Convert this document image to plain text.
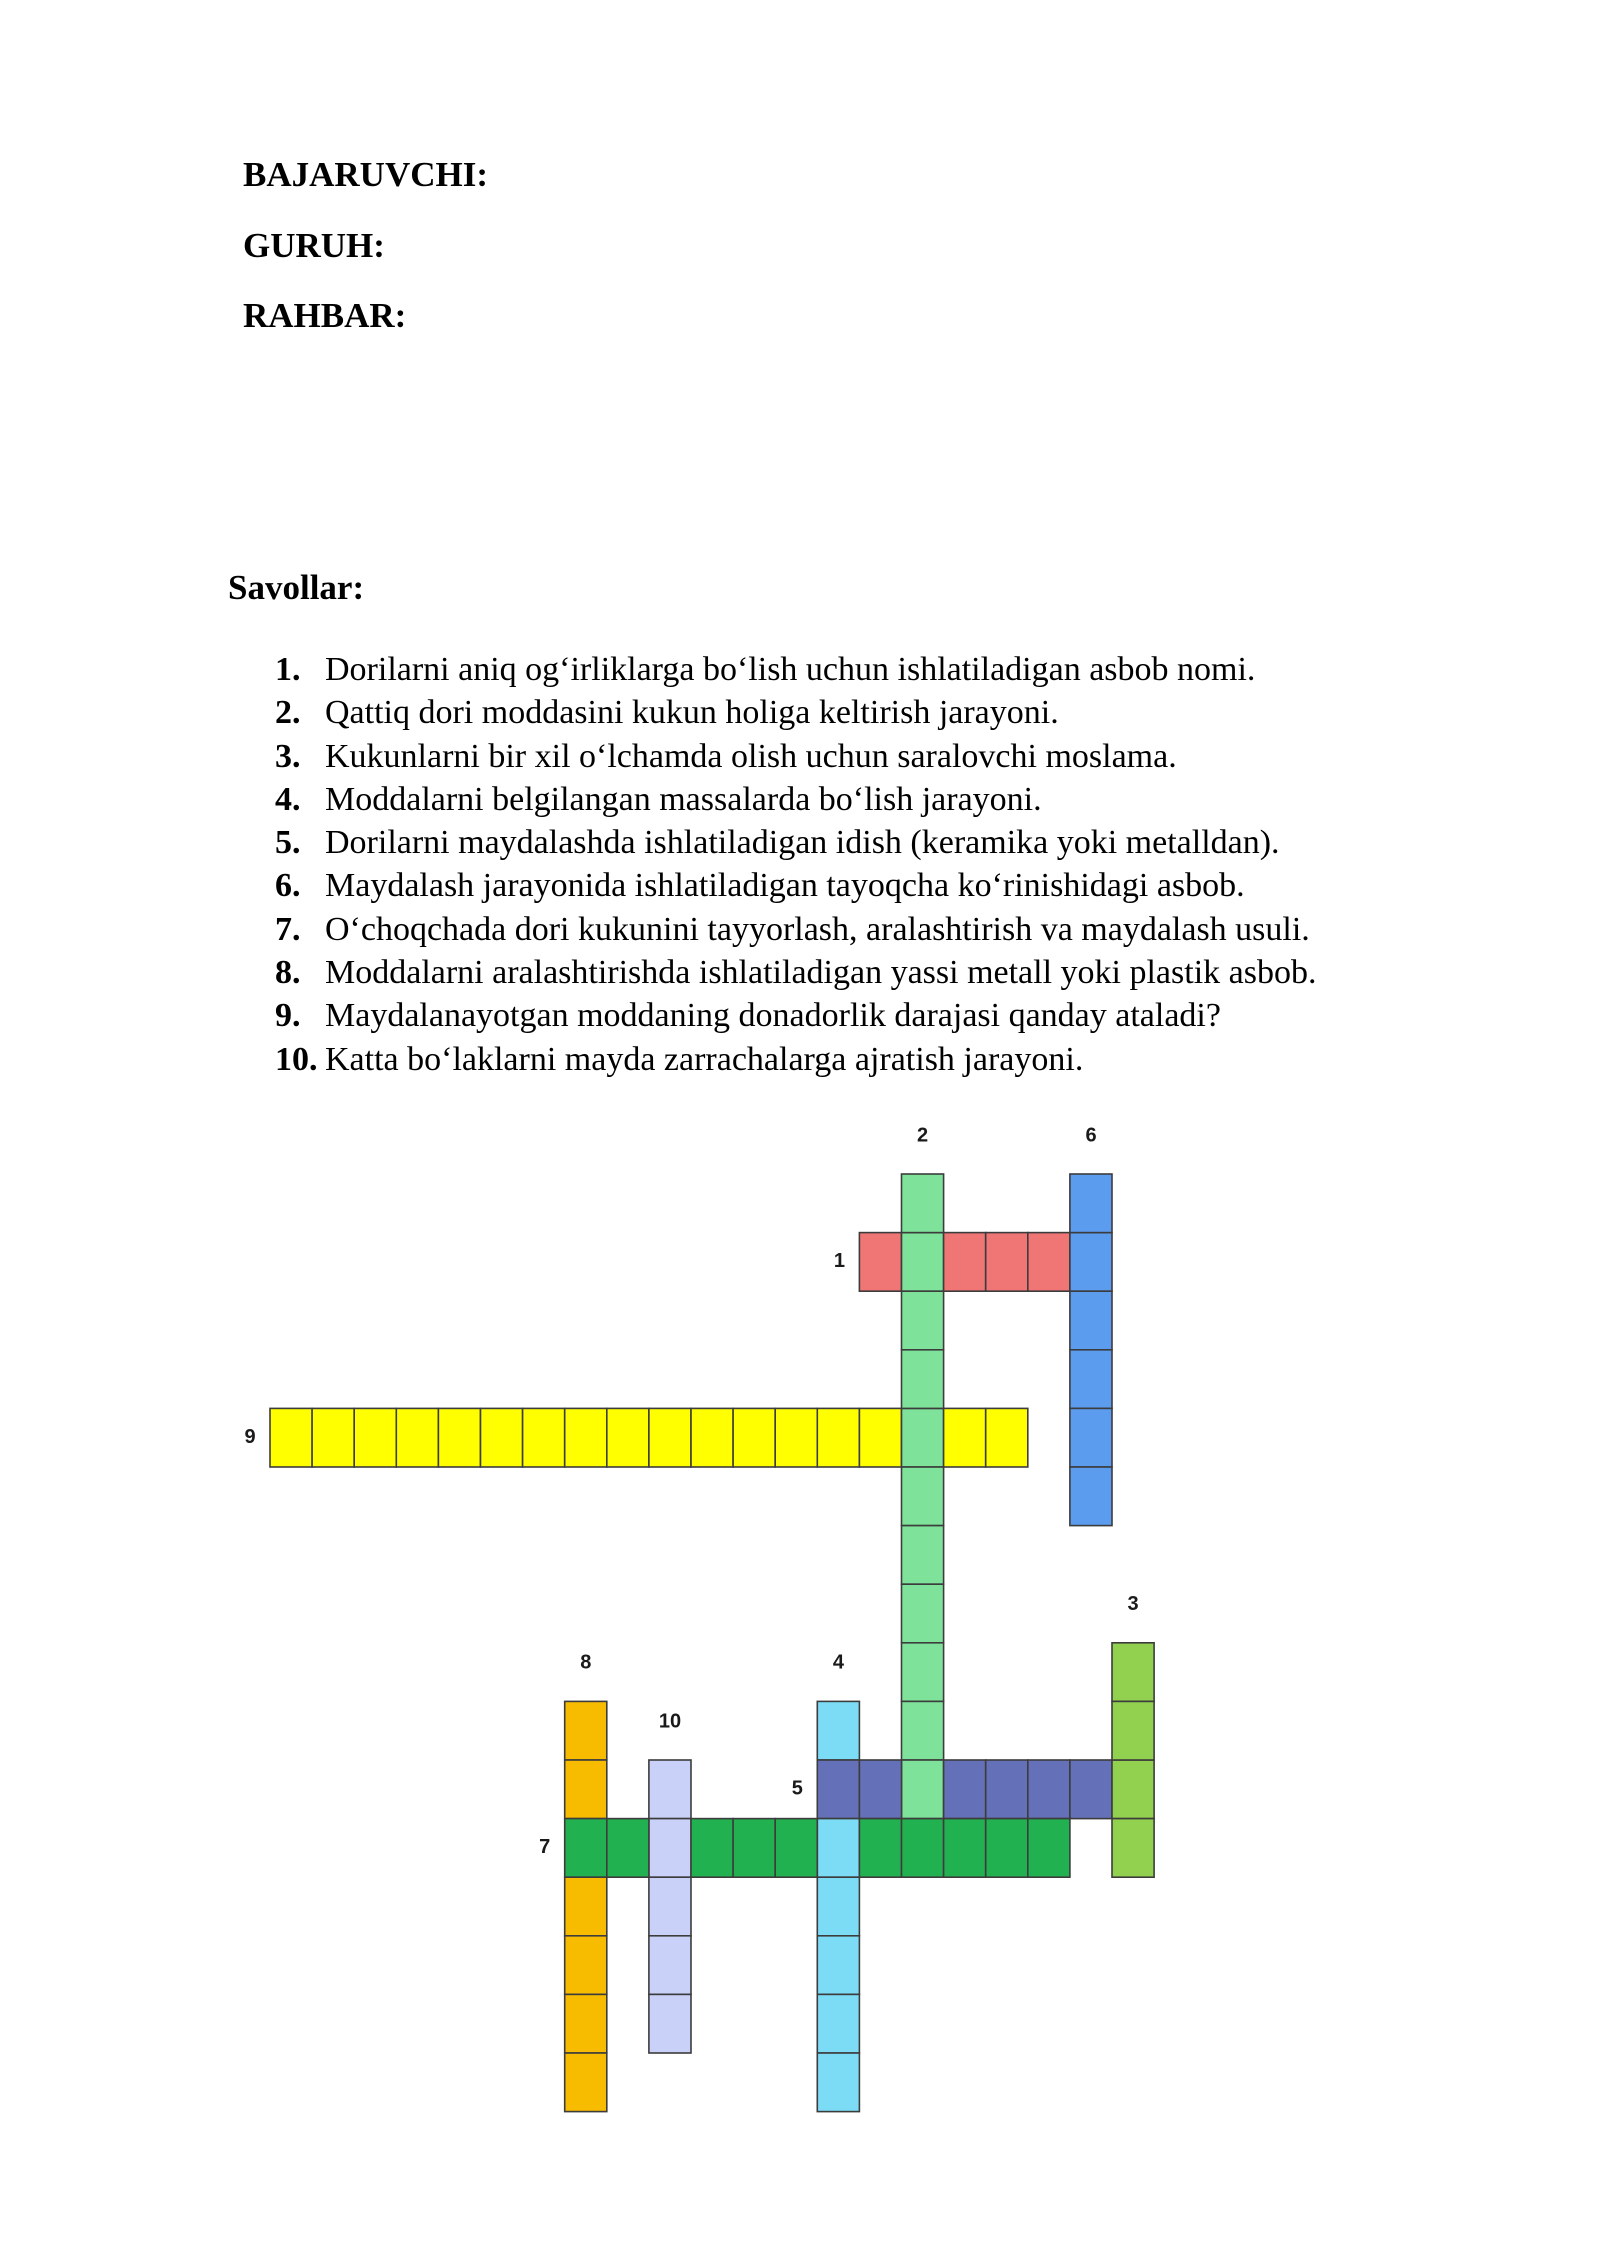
BAJARUVCHI:
GURUH:
RAHBAR:
Savollar:
1. Dorilarni aniq og‘irliklarga bo‘lish uchun ishlatiladigan asbob nomi.
2. Qattiq dori moddasini kukun holiga keltirish jarayoni.
3. Kukunlarni bir xil o‘lchamda olish uchun saralovchi moslama.
4. Moddalarni belgilangan massalarda bo‘lish jarayoni.
5. Dorilarni maydalashda ishlatiladigan idish (keramika yoki metalldan).
6. Maydalash jarayonida ishlatiladigan tayoqcha ko‘rinishidagi asbob.
7. O‘choqchada dori kukunini tayyorlash, aralashtirish va maydalash usuli.
8. Moddalarni aralashtirishda ishlatiladigan yassi metall yoki plastik asbob.
9. Maydalanayotgan moddaning donadorlik darajasi qanday ataladi?
10. Katta bo‘laklarni mayda zarrachalarga ajratish jarayoni.
1
9
6
2
8
10
4
5
3
7
